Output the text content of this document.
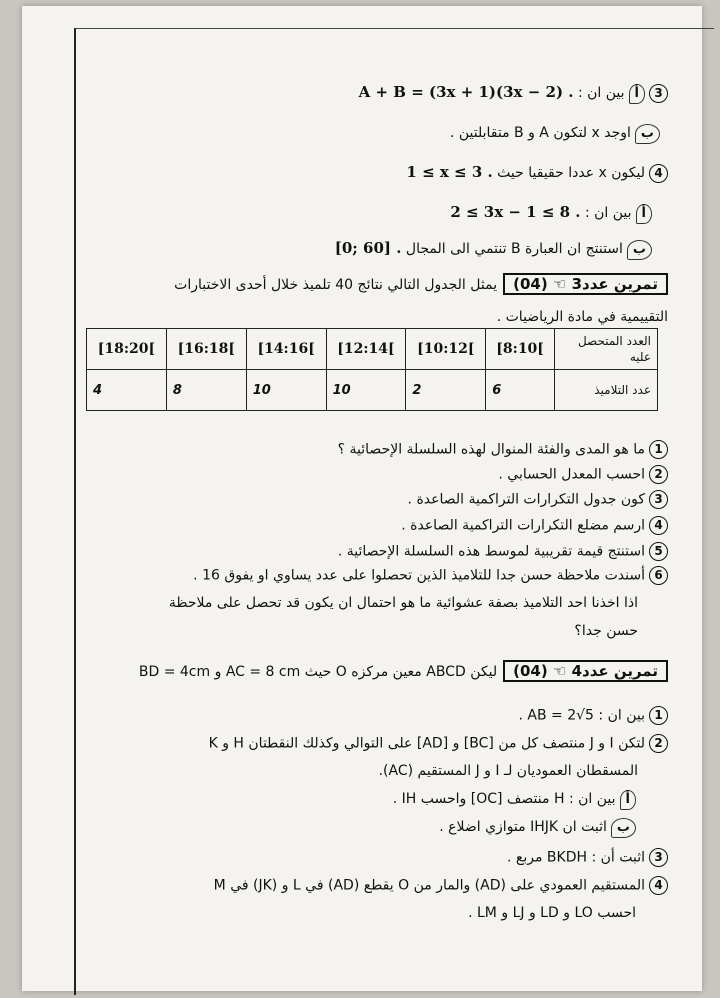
3أبين ان : A + B = (3x + 1)(3x − 2) .
باوجد x لتكون A و B متقابلتين .
4ليكون x عددا حقيقيا حيث 1 ≤ x ≤ 3 .
أبين ان : 2 ≤ 3x − 1 ≤ 8 .
باستنتج ان العبارة B تنتمي الى المجال [0; 60] .
تمرين عدد3 ☜ (04)يمثل الجدول التالي نتائج 40 تلميذ خلال أحدى الاختبارات
التقييمية في مادة الرياضيات .
العدد المتحصل عليه	[8:10[	[10:12[	[12:14[	[14:16[	[16:18[	[18:20[
عدد التلاميذ	6	2	10	10	8	4
1ما هو المدى والفئة المنوال لهذه السلسلة الإحصائية ؟
2احسب المعدل الحسابي .
3كون جدول التكرارات التراكمية الصاعدة .
4ارسم مضلع التكرارات التراكمية الصاعدة .
5استنتج قيمة تقريبية لموسط هذه السلسلة الإحصائية .
6أسندت ملاحظة حسن جدا للتلاميذ الذين تحصلوا على عدد يساوي او يفوق 16 .
اذا اخذنا احد التلاميذ بصفة عشوائية ما هو احتمال ان يكون قد تحصل على ملاحظة
حسن جدا؟
تمرين عدد4 ☜ (04)ليكن ABCD معين مركزه O حيث AC = 8 cm و BD = 4cm
1بين ان : AB = 2√5 .
2لتكن I و J منتصف كل من [BC] و [AD] على التوالي وكذلك النقطتان H و K
المسقطان العموديان لـ I و J المستقيم (AC).
أبين ان : H منتصف [OC] واحسب IH .
باثبت ان IHJK متوازي اضلاع .
3اثبت أن : BKDH مربع .
4المستقيم العمودي على (AD) والمار من O يقطع (AD) في L و (JK) في M
احسب LO و LD و LJ و LM .
